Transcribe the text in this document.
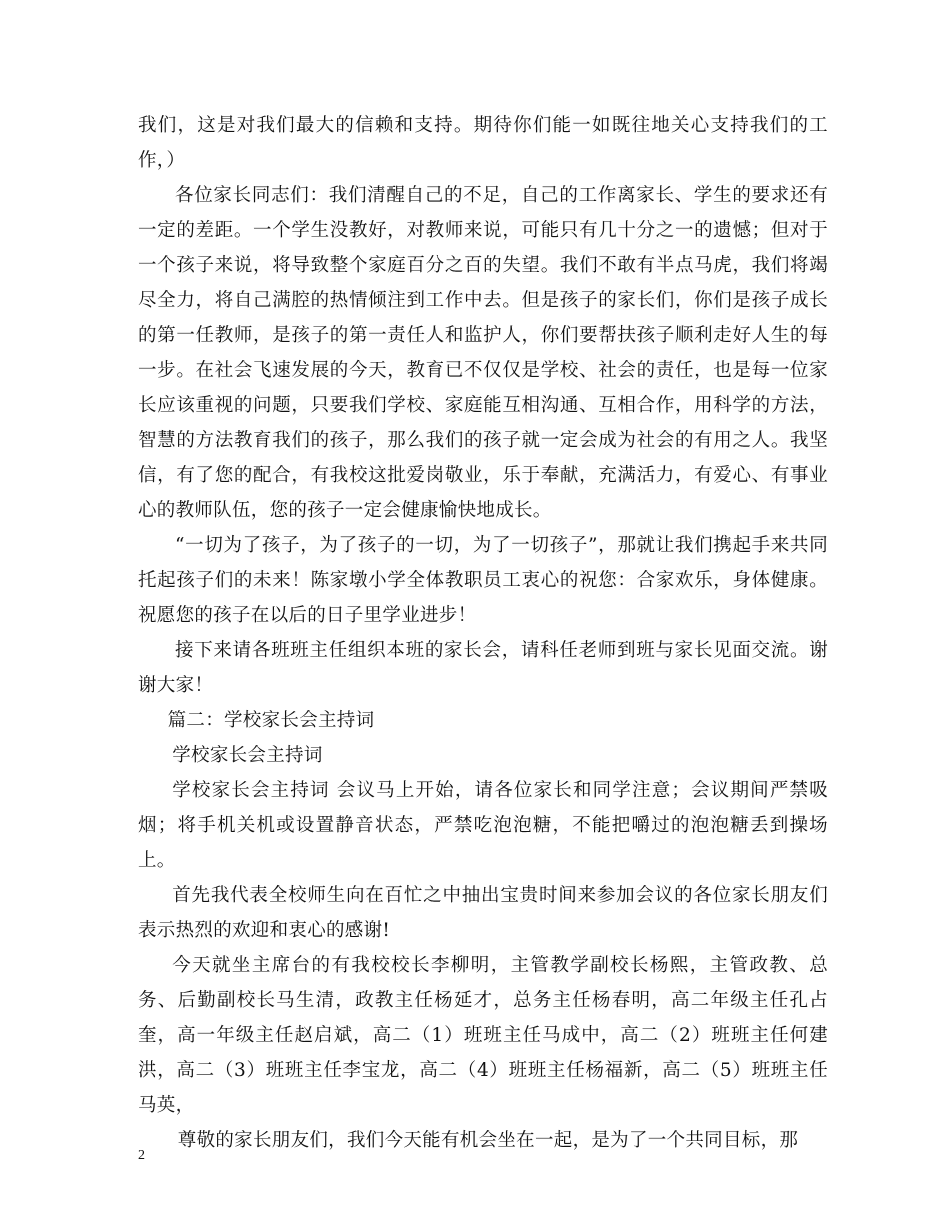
我们，这是对我们最大的信赖和支持。期待你们能一如既往地关心支持我们的工作，）

各位家长同志们：我们清醒自己的不足，自己的工作离家长、学生的要求还有一定的差距。一个学生没教好，对教师来说，可能只有几十分之一的遗憾；但对于一个孩子来说，将导致整个家庭百分之百的失望。我们不敢有半点马虎，我们将竭尽全力，将自己满腔的热情倾注到工作中去。但是孩子的家长们，你们是孩子成长的第一任教师，是孩子的第一责任人和监护人，你们要帮扶孩子顺利走好人生的每一步。在社会飞速发展的今天，教育已不仅仅是学校、社会的责任，也是每一位家长应该重视的问题，只要我们学校、家庭能互相沟通、互相合作，用科学的方法，智慧的方法教育我们的孩子，那么我们的孩子就一定会成为社会的有用之人。我坚信，有了您的配合，有我校这批爱岗敬业，乐于奉献，充满活力，有爱心、有事业心的教师队伍，您的孩子一定会健康愉快地成长。

“一切为了孩子，为了孩子的一切，为了一切孩子”，那就让我们携起手来共同托起孩子们的未来！陈家墩小学全体教职员工衷心的祝您：合家欢乐，身体健康。祝愿您的孩子在以后的日子里学业进步！

接下来请各班班主任组织本班的家长会，请科任老师到班与家长见面交流。谢谢大家！

篇二：学校家长会主持词

学校家长会主持词

学校家长会主持词 会议马上开始，请各位家长和同学注意；会议期间严禁吸烟；将手机关机或设置静音状态，严禁吃泡泡糖，不能把嚼过的泡泡糖丢到操场上。

首先我代表全校师生向在百忙之中抽出宝贵时间来参加会议的各位家长朋友们表示热烈的欢迎和衷心的感谢!

今天就坐主席台的有我校校长李柳明，主管教学副校长杨熙，主管政教、总务、后勤副校长马生清，政教主任杨延才，总务主任杨春明，高二年级主任孔占奎，高一年级主任赵启斌，高二（1）班班主任马成中，高二（2）班班主任何建洪，高二（3）班班主任李宝龙，高二（4）班班主任杨福新，高二（5）班班主任马英，

尊敬的家长朋友们，我们今天能有机会坐在一起，是为了一个共同目标，那

2
